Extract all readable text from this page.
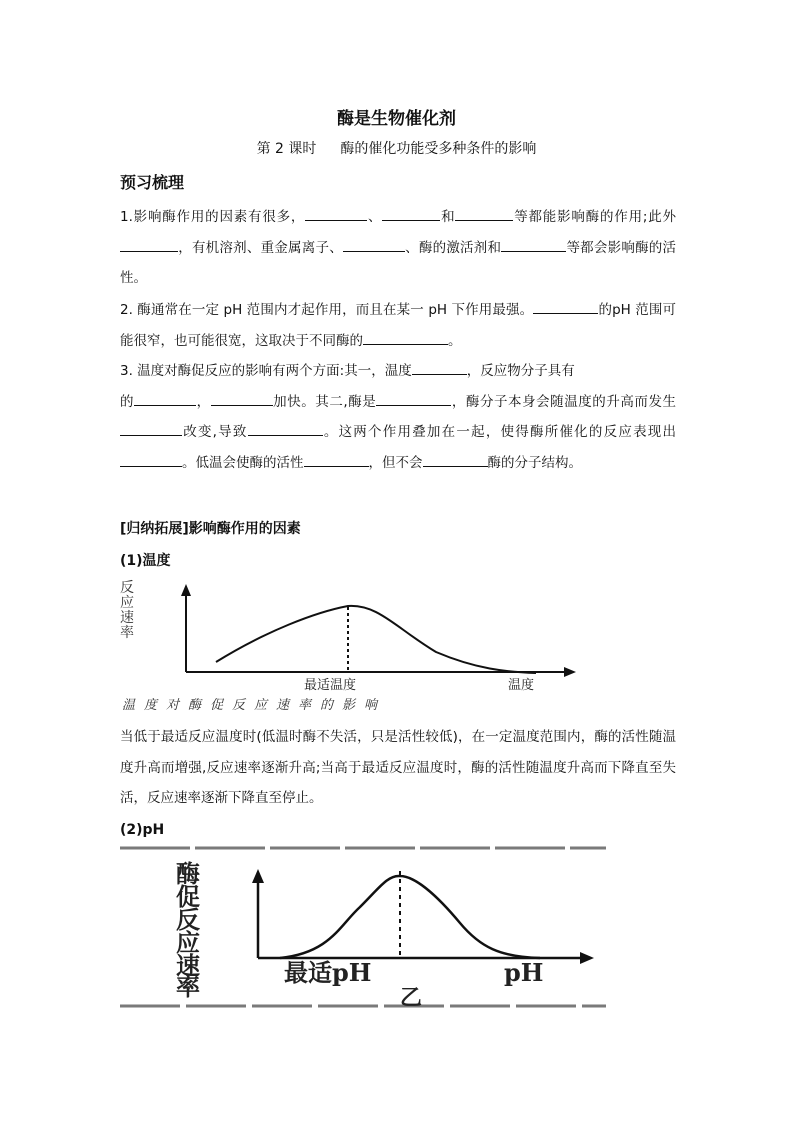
酶是生物催化剂
第 2 课时 酶的催化功能受多种条件的影响
预习梳理
1.影响酶作用的因素有很多，	、	和	等都能影响酶的作用;此外，有机溶剂、重金属离子、	、酶的激活剂和	等都会影响酶的活性。
2. 酶通常在一定 pH 范围内才起作用，而且在某一 pH 下作用最强。	的pH 范围可能很窄，也可能很宽，这取决于不同酶的	。
3. 温度对酶促反应的影响有两个方面:其一，温度	，反应物分子具有
的	，	加快。其二,酶是	，酶分子本身会随温度的升高而发生改变,导致	。这两个作用叠加在一起，使得酶所催化的反应表现出。低温会使酶的活性	，但不会	酶的分子结构。
[归纳拓展]影响酶作用的因素
(1)温度
反
应
速
率
最适温度	温度
温度对酶促反应速率的影响
当低于最适反应温度时(低温时酶不失活，只是活性较低)，在一定温度范围内，酶的活性随温度升高而增强,反应速率逐渐升高;当高于最适反应温度时，酶的活性随温度升高而下降直至失活，反应速率逐渐下降直至停止。
(2)pH
酶
促
反
应
速
率	最适pH	pH
乙
